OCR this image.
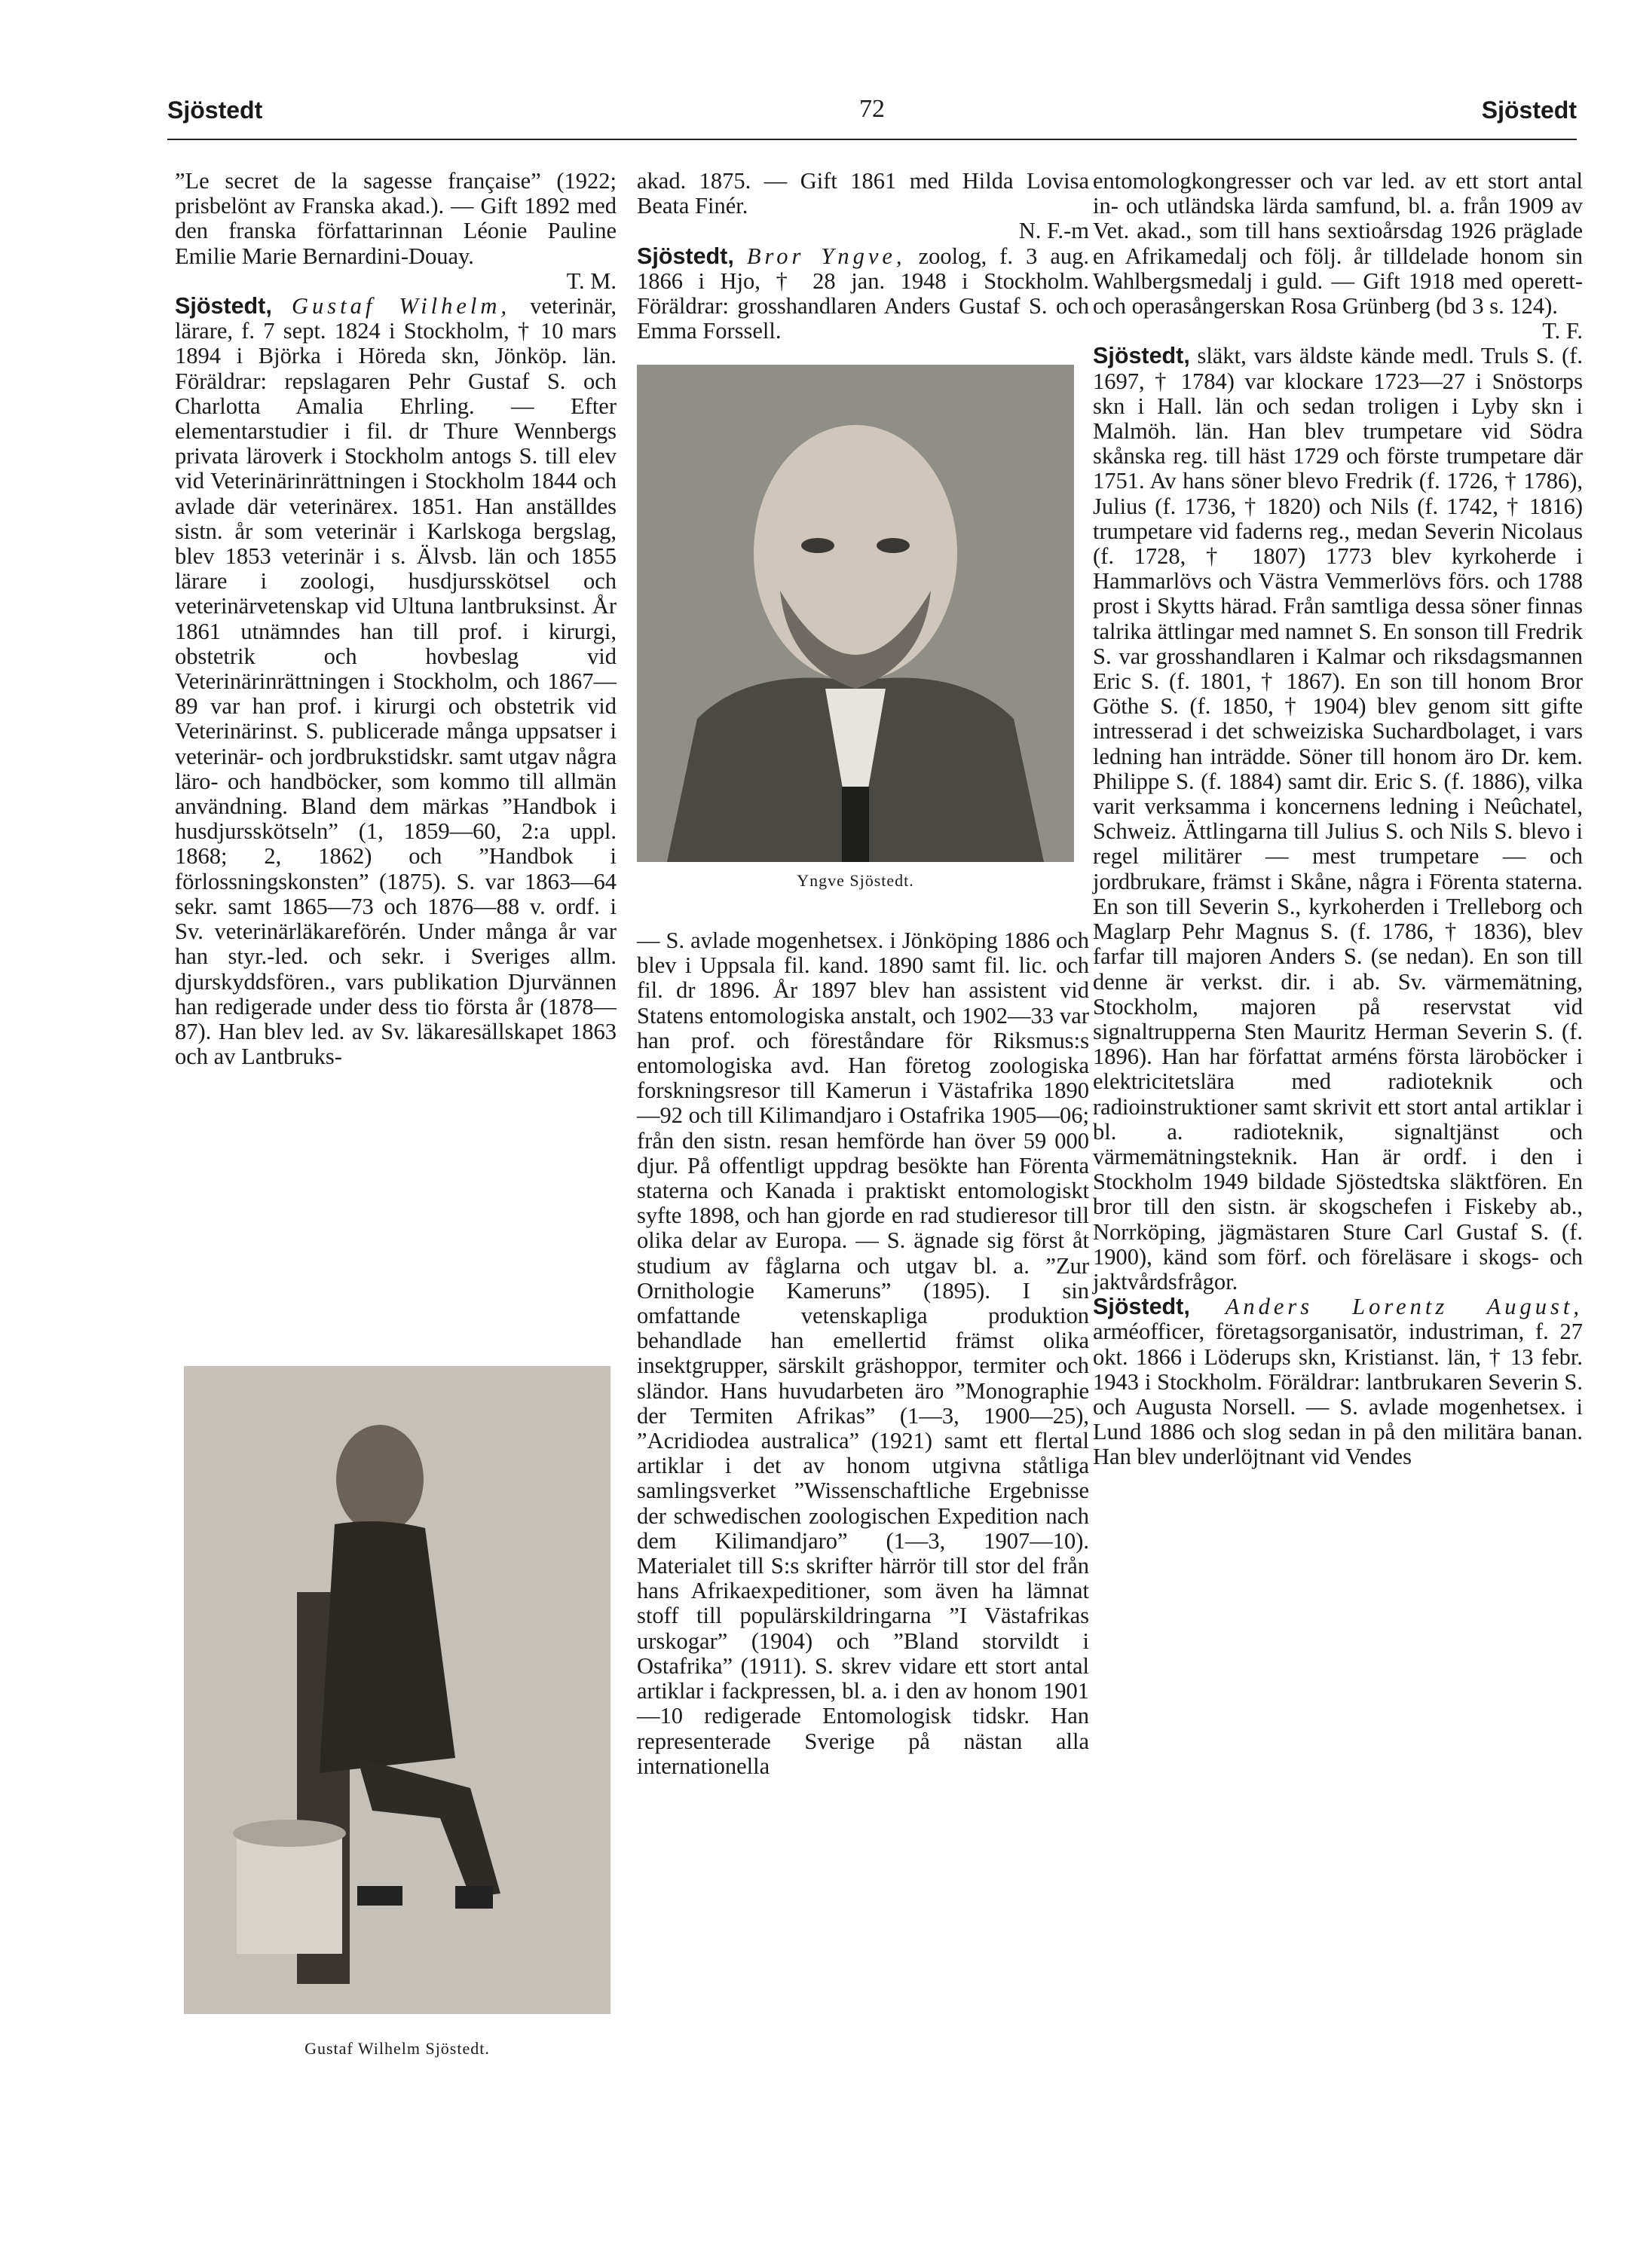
Sjöstedt	72	Sjöstedt

”Le secret de la sagesse française” (1922; prisbelönt av Franska akad.). — Gift 1892 med den franska författarinnan Léonie Pauline Emilie Marie Bernardini-Douay.
T. M.

Sjöstedt, Gustaf Wilhelm, veterinär, lärare, f. 7 sept. 1824 i Stockholm, † 10 mars 1894 i Björka i Höreda skn, Jönköp. län. Föräldrar: repslagaren Pehr Gustaf S. och Charlotta Amalia Ehrling. — Efter elementarstudier i fil. dr Thure Wennbergs privata läroverk i Stockholm antogs S. till elev vid Veterinärinrättningen i Stockholm 1844 och avlade där veterinärex. 1851. Han anställdes sistn. år som veterinär i Karlskoga bergslag, blev 1853 veterinär i s. Älvsb. län och 1855 lärare i zoologi, husdjursskötsel och veterinärvetenskap vid Ultuna lantbruksinst. År 1861 utnämndes han till prof. i kirurgi, obstetrik och hovbeslag vid Veterinärinrättningen i Stockholm, och 1867—89 var han prof. i kirurgi och obstetrik vid Veterinärinst. S. publicerade många uppsatser i veterinär- och jordbrukstidskr. samt utgav några läro- och handböcker, som kommo till allmän användning. Bland dem märkas ”Handbok i husdjursskötseln” (1, 1859—60, 2:a uppl. 1868; 2, 1862) och ”Handbok i förlossningskonsten” (1875). S. var 1863—64 sekr. samt 1865—73 och 1876—88 v. ordf. i Sv. veterinärläkareförén. Under många år var han styr.-led. och sekr. i Sveriges allm. djurskyddsfören., vars publikation Djurvännen han redigerade under dess tio första år (1878—87). Han blev led. av Sv. läkaresällskapet 1863 och av Lantbruks-

Gustaf Wilhelm Sjöstedt.

akad. 1875. — Gift 1861 med Hilda Lovisa Beata Finér.
N. F.-m

Sjöstedt, Bror Yngve, zoolog, f. 3 aug. 1866 i Hjo, † 28 jan. 1948 i Stockholm. Föräldrar: grosshandlaren Anders Gustaf S. och Emma Forssell.

Yngve Sjöstedt.

— S. avlade mogenhetsex. i Jönköping 1886 och blev i Uppsala fil. kand. 1890 samt fil. lic. och fil. dr 1896. År 1897 blev han assistent vid Statens entomologiska anstalt, och 1902—33 var han prof. och föreståndare för Riksmus:s entomologiska avd. Han företog zoologiska forskningsresor till Kamerun i Västafrika 1890—92 och till Kilimandjaro i Ostafrika 1905—06; från den sistn. resan hemförde han över 59 000 djur. På offentligt uppdrag besökte han Förenta staterna och Kanada i praktiskt entomologiskt syfte 1898, och han gjorde en rad studieresor till olika delar av Europa. — S. ägnade sig först åt studium av fåglarna och utgav bl. a. ”Zur Ornithologie Kameruns” (1895). I sin omfattande vetenskapliga produktion behandlade han emellertid främst olika insektgrupper, särskilt gräshoppor, termiter och sländor. Hans huvudarbeten äro ”Monographie der Termiten Afrikas” (1—3, 1900—25), ”Acridiodea australica” (1921) samt ett flertal artiklar i det av honom utgivna ståtliga samlingsverket ”Wissenschaftliche Ergebnisse der schwedischen zoologischen Expedition nach dem Kilimandjaro” (1—3, 1907—10). Materialet till S:s skrifter härrör till stor del från hans Afrikaexpeditioner, som även ha lämnat stoff till populärskildringarna ”I Västafrikas urskogar” (1904) och ”Bland storvildt i Ostafrika” (1911). S. skrev vidare ett stort antal artiklar i fackpressen, bl. a. i den av honom 1901—10 redigerade Entomologisk tidskr. Han representerade Sverige på nästan alla internationella

entomologkongresser och var led. av ett stort antal in- och utländska lärda samfund, bl. a. från 1909 av Vet. akad., som till hans sextioårsdag 1926 präglade en Afrikamedalj och följ. år tilldelade honom sin Wahlbergsmedalj i guld. — Gift 1918 med operett- och operasångerskan Rosa Grünberg (bd 3 s. 124).
T. F.

Sjöstedt, släkt, vars äldste kände medl. Truls S. (f. 1697, † 1784) var klockare 1723—27 i Snöstorps skn i Hall. län och sedan troligen i Lyby skn i Malmöh. län. Han blev trumpetare vid Södra skånska reg. till häst 1729 och förste trumpetare där 1751. Av hans söner blevo Fredrik (f. 1726, † 1786), Julius (f. 1736, † 1820) och Nils (f. 1742, † 1816) trumpetare vid faderns reg., medan Severin Nicolaus (f. 1728, † 1807) 1773 blev kyrkoherde i Hammarlövs och Västra Vemmerlövs förs. och 1788 prost i Skytts härad. Från samtliga dessa söner finnas talrika ättlingar med namnet S. En sonson till Fredrik S. var grosshandlaren i Kalmar och riksdagsmannen Eric S. (f. 1801, † 1867). En son till honom Bror Göthe S. (f. 1850, † 1904) blev genom sitt gifte intresserad i det schweiziska Suchardbolaget, i vars ledning han inträdde. Söner till honom äro Dr. kem. Philippe S. (f. 1884) samt dir. Eric S. (f. 1886), vilka varit verksamma i koncernens ledning i Neûchatel, Schweiz. Ättlingarna till Julius S. och Nils S. blevo i regel militärer — mest trumpetare — och jordbrukare, främst i Skåne, några i Förenta staterna. En son till Severin S., kyrkoherden i Trelleborg och Maglarp Pehr Magnus S. (f. 1786, † 1836), blev farfar till majoren Anders S. (se nedan). En son till denne är verkst. dir. i ab. Sv. värmemätning, Stockholm, majoren på reservstat vid signaltrupperna Sten Mauritz Herman Severin S. (f. 1896). Han har författat arméns första läroböcker i elektricitetslära med radioteknik och radioinstruktioner samt skrivit ett stort antal artiklar i bl. a. radioteknik, signaltjänst och värmemätningsteknik. Han är ordf. i den i Stockholm 1949 bildade Sjöstedtska släktfören. En bror till den sistn. är skogschefen i Fiskeby ab., Norrköping, jägmästaren Sture Carl Gustaf S. (f. 1900), känd som förf. och föreläsare i skogs- och jaktvårdsfrågor.

Sjöstedt, Anders Lorentz August, arméofficer, företagsorganisatör, industriman, f. 27 okt. 1866 i Löderups skn, Kristianst. län, † 13 febr. 1943 i Stockholm. Föräldrar: lantbrukaren Severin S. och Augusta Norsell. — S. avlade mogenhetsex. i Lund 1886 och slog sedan in på den militära banan. Han blev underlöjtnant vid Vendes
